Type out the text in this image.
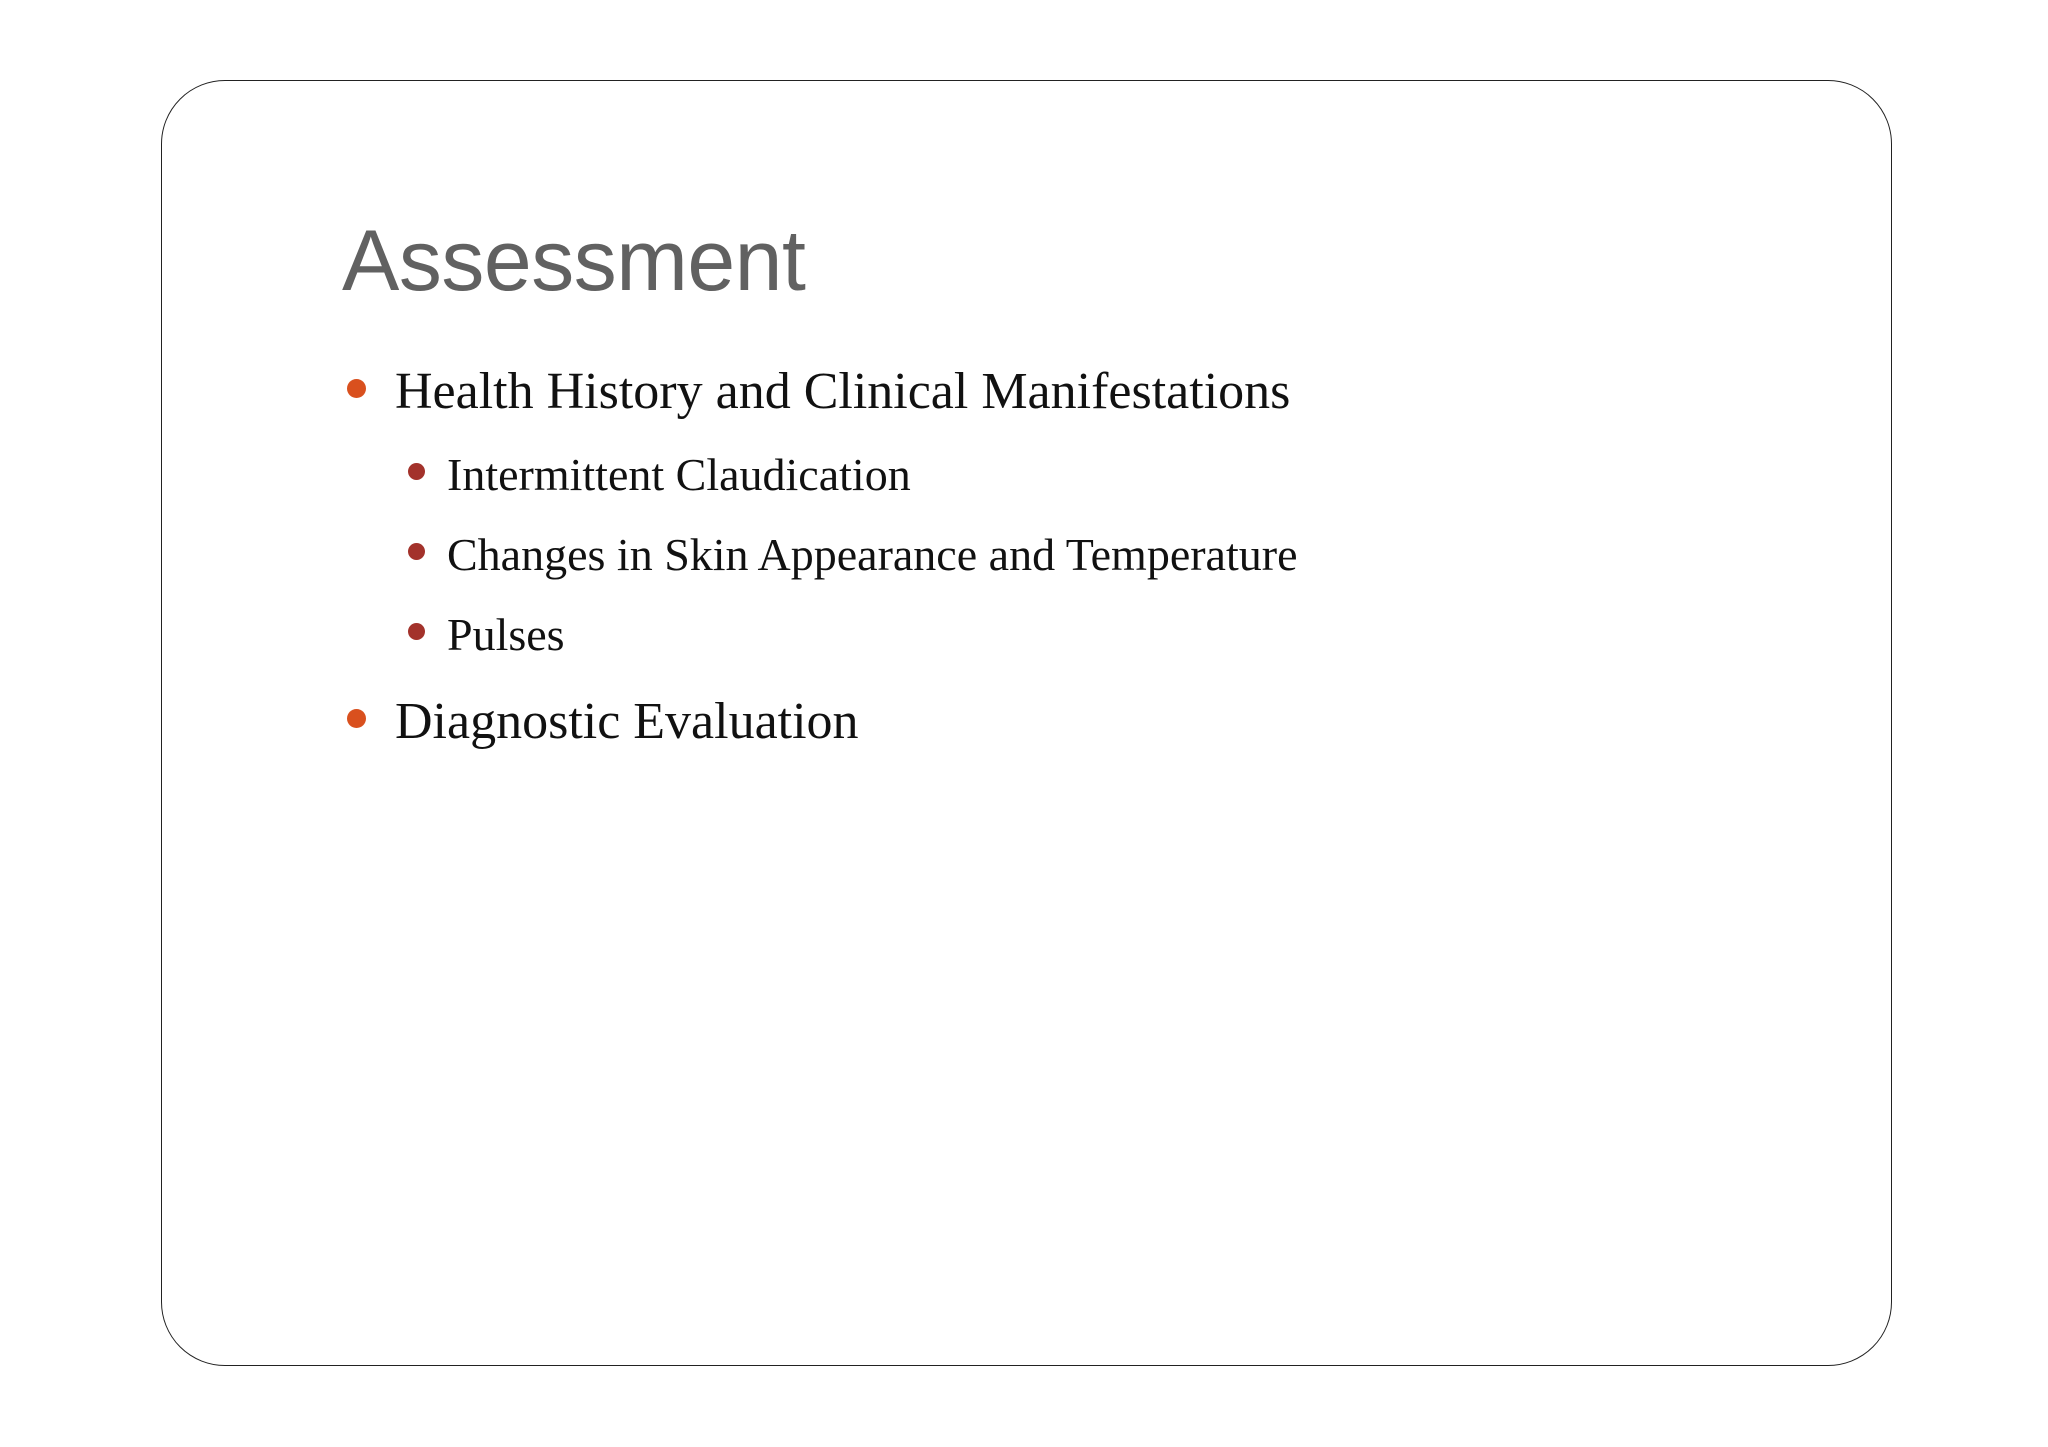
Assessment
Health History and Clinical Manifestations
Intermittent Claudication
Changes in Skin Appearance and Temperature
Pulses
Diagnostic Evaluation
